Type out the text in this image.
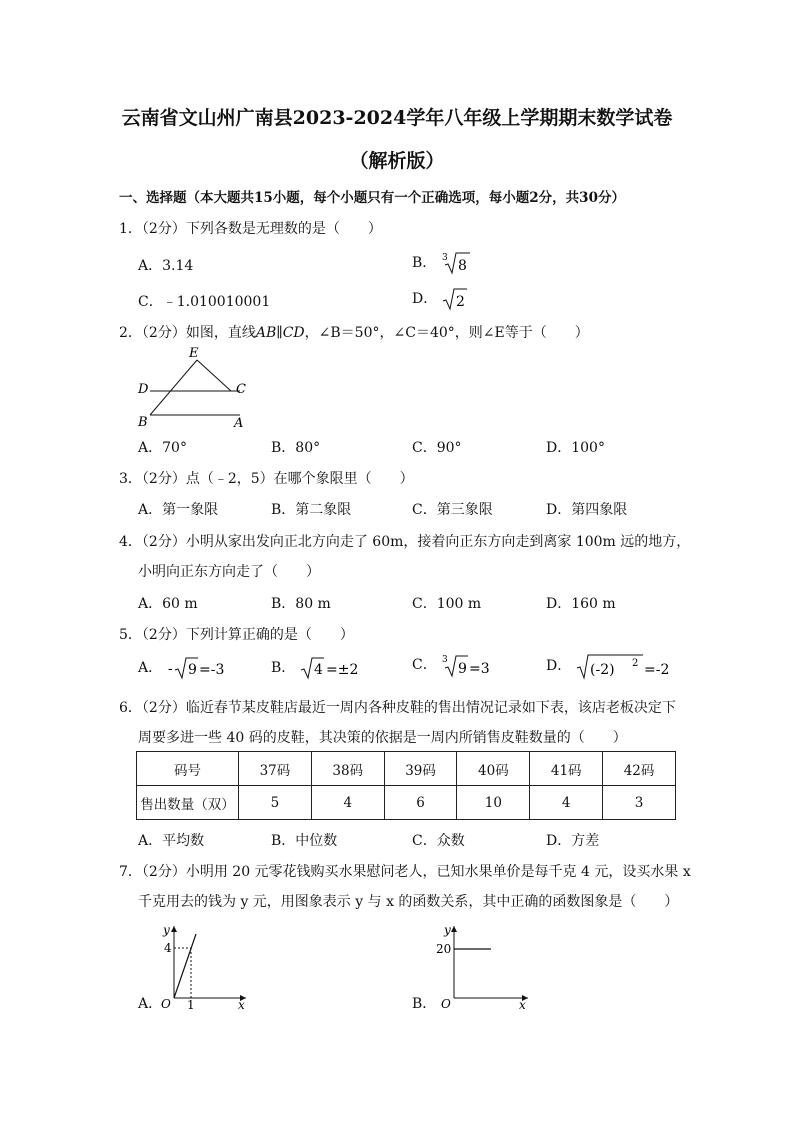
云南省文山州广南县2023-2024学年八年级上学期期末数学试卷
（解析版）
一、选择题（本大题共15小题，每个小题只有一个正确选项，每小题2分，共30分）
1．（2分）下列各数是无理数的是（　　）
A．3.14	B． 3 8
C．﹣1.010010001	D． 2
2．（2分）如图，直线AB∥CD，∠B＝50°，∠C＝40°，则∠E等于（　　）
E
D	C
B	A
A．70°	B．80°	C．90°	D．100°
3．（2分）点（﹣2，5）在哪个象限里（　　）
A．第一象限	B．第二象限	C．第三象限	D．第四象限
4．（2分）小明从家出发向正北方向走了 60m，接着向正东方向走到离家 100m 远的地方，
小明向正东方向走了（　　）
A．60 m	B．80 m	C．100 m	D．160 m
5．（2分）下列计算正确的是（　　）
A． - 9 =-3	B． 4 =±2	C． 3
9 =3	D． (-2) 2 =-2
6．（2分）临近春节某皮鞋店最近一周内各种皮鞋的售出情况记录如下表，该店老板决定下
周要多进一些 40 码的皮鞋，其决策的依据是一周内所销售皮鞋数量的（　　）
码号	37码	38码	39码	40码	41码	42码
售出数量（双）	5	4	6	10	4	3
A．平均数	B．中位数	C．众数	D．方差
7．（2分）小明用 20 元零花钱购买水果慰问老人，已知水果单价是每千克 4 元，设买水果 x
千克用去的钱为 y 元，用图象表示 y 与 x 的函数关系，其中正确的函数图象是（　　）
A．
y
4
O 1	x	B．
y
20
O	x
